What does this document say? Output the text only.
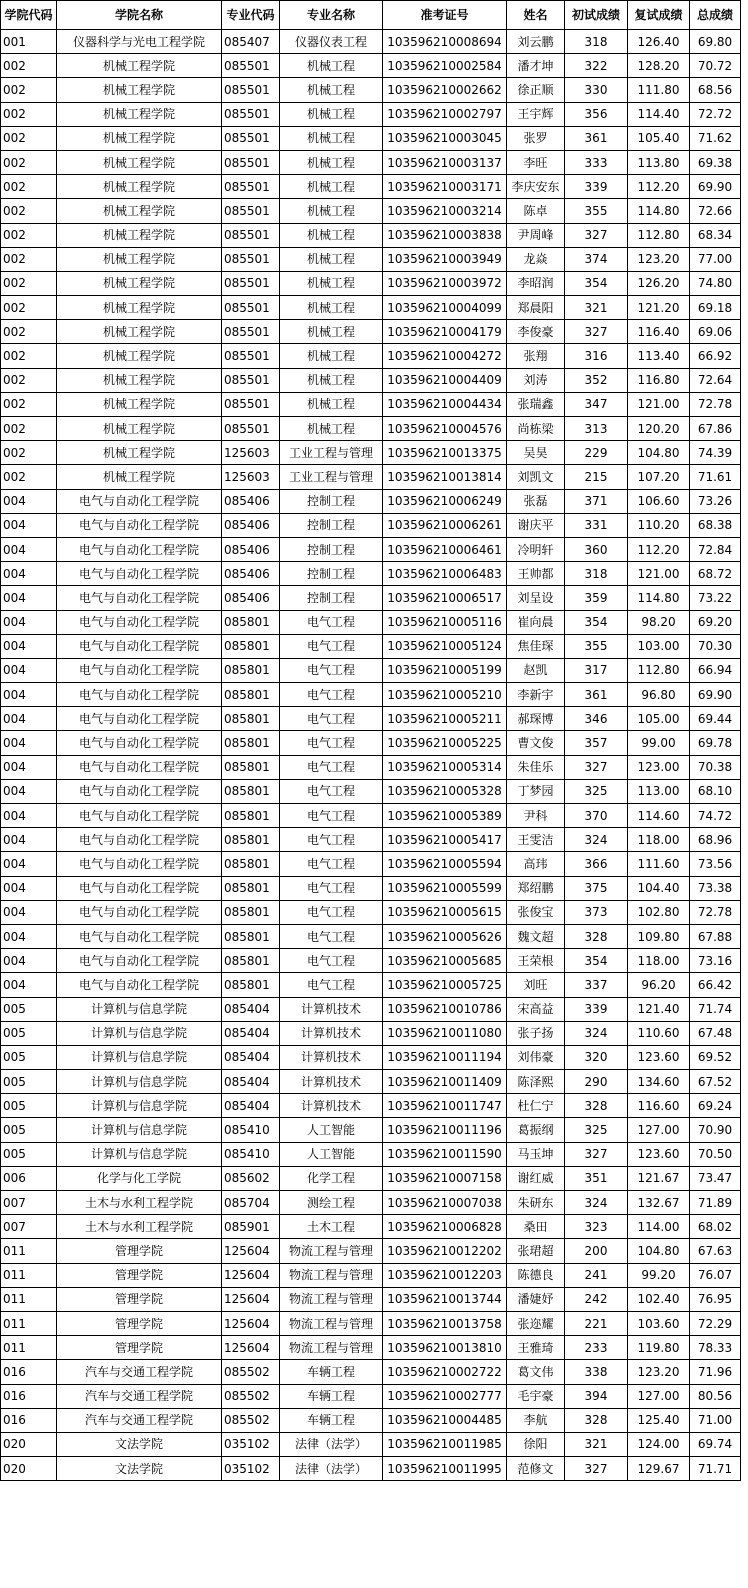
学院代码	学院名称	专业代码	专业名称	准考证号	姓名	初试成绩	复试成绩	总成绩
001	仪器科学与光电工程学院	085407	仪器仪表工程	103596210008694	刘云鹏	318	126.40	69.80
002	机械工程学院	085501	机械工程	103596210002584	潘才坤	322	128.20	70.72
002	机械工程学院	085501	机械工程	103596210002662	徐正顺	330	111.80	68.56
002	机械工程学院	085501	机械工程	103596210002797	王宇辉	356	114.40	72.72
002	机械工程学院	085501	机械工程	103596210003045	张罗	361	105.40	71.62
002	机械工程学院	085501	机械工程	103596210003137	李旺	333	113.80	69.38
002	机械工程学院	085501	机械工程	103596210003171	李庆安东	339	112.20	69.90
002	机械工程学院	085501	机械工程	103596210003214	陈卓	355	114.80	72.66
002	机械工程学院	085501	机械工程	103596210003838	尹周峰	327	112.80	68.34
002	机械工程学院	085501	机械工程	103596210003949	龙焱	374	123.20	77.00
002	机械工程学院	085501	机械工程	103596210003972	李昭润	354	126.20	74.80
002	机械工程学院	085501	机械工程	103596210004099	郑晨阳	321	121.20	69.18
002	机械工程学院	085501	机械工程	103596210004179	李俊豪	327	116.40	69.06
002	机械工程学院	085501	机械工程	103596210004272	张翔	316	113.40	66.92
002	机械工程学院	085501	机械工程	103596210004409	刘涛	352	116.80	72.64
002	机械工程学院	085501	机械工程	103596210004434	张瑞鑫	347	121.00	72.78
002	机械工程学院	085501	机械工程	103596210004576	尚栋梁	313	120.20	67.86
002	机械工程学院	125603	工业工程与管理	103596210013375	吴昊	229	104.80	74.39
002	机械工程学院	125603	工业工程与管理	103596210013814	刘凯文	215	107.20	71.61
004	电气与自动化工程学院	085406	控制工程	103596210006249	张磊	371	106.60	73.26
004	电气与自动化工程学院	085406	控制工程	103596210006261	谢庆平	331	110.20	68.38
004	电气与自动化工程学院	085406	控制工程	103596210006461	冷明轩	360	112.20	72.84
004	电气与自动化工程学院	085406	控制工程	103596210006483	王帅都	318	121.00	68.72
004	电气与自动化工程学院	085406	控制工程	103596210006517	刘呈设	359	114.80	73.22
004	电气与自动化工程学院	085801	电气工程	103596210005116	崔向晨	354	98.20	69.20
004	电气与自动化工程学院	085801	电气工程	103596210005124	焦佳琛	355	103.00	70.30
004	电气与自动化工程学院	085801	电气工程	103596210005199	赵凯	317	112.80	66.94
004	电气与自动化工程学院	085801	电气工程	103596210005210	李新宇	361	96.80	69.90
004	电气与自动化工程学院	085801	电气工程	103596210005211	郝琛博	346	105.00	69.44
004	电气与自动化工程学院	085801	电气工程	103596210005225	曹文俊	357	99.00	69.78
004	电气与自动化工程学院	085801	电气工程	103596210005314	朱佳乐	327	123.00	70.38
004	电气与自动化工程学院	085801	电气工程	103596210005328	丁梦园	325	113.00	68.10
004	电气与自动化工程学院	085801	电气工程	103596210005389	尹科	370	114.60	74.72
004	电气与自动化工程学院	085801	电气工程	103596210005417	王雯洁	324	118.00	68.96
004	电气与自动化工程学院	085801	电气工程	103596210005594	高玮	366	111.60	73.56
004	电气与自动化工程学院	085801	电气工程	103596210005599	郑绍鹏	375	104.40	73.38
004	电气与自动化工程学院	085801	电气工程	103596210005615	张俊宝	373	102.80	72.78
004	电气与自动化工程学院	085801	电气工程	103596210005626	魏文超	328	109.80	67.88
004	电气与自动化工程学院	085801	电气工程	103596210005685	王荣根	354	118.00	73.16
004	电气与自动化工程学院	085801	电气工程	103596210005725	刘旺	337	96.20	66.42
005	计算机与信息学院	085404	计算机技术	103596210010786	宋高益	339	121.40	71.74
005	计算机与信息学院	085404	计算机技术	103596210011080	张子扬	324	110.60	67.48
005	计算机与信息学院	085404	计算机技术	103596210011194	刘伟豪	320	123.60	69.52
005	计算机与信息学院	085404	计算机技术	103596210011409	陈泽熙	290	134.60	67.52
005	计算机与信息学院	085404	计算机技术	103596210011747	杜仁宁	328	116.60	69.24
005	计算机与信息学院	085410	人工智能	103596210011196	葛振纲	325	127.00	70.90
005	计算机与信息学院	085410	人工智能	103596210011590	马玉坤	327	123.60	70.50
006	化学与化工学院	085602	化学工程	103596210007158	谢红威	351	121.67	73.47
007	土木与水利工程学院	085704	测绘工程	103596210007038	朱研东	324	132.67	71.89
007	土木与水利工程学院	085901	土木工程	103596210006828	桑田	323	114.00	68.02
011	管理学院	125604	物流工程与管理	103596210012202	张珺超	200	104.80	67.63
011	管理学院	125604	物流工程与管理	103596210012203	陈德良	241	99.20	76.07
011	管理学院	125604	物流工程与管理	103596210013744	潘婕妤	242	102.40	76.95
011	管理学院	125604	物流工程与管理	103596210013758	张迩耀	221	103.60	72.29
011	管理学院	125604	物流工程与管理	103596210013810	王雅琦	233	119.80	78.33
016	汽车与交通工程学院	085502	车辆工程	103596210002722	葛文伟	338	123.20	71.96
016	汽车与交通工程学院	085502	车辆工程	103596210002777	毛宇豪	394	127.00	80.56
016	汽车与交通工程学院	085502	车辆工程	103596210004485	李航	328	125.40	71.00
020	文法学院	035102	法律（法学）	103596210011985	徐阳	321	124.00	69.74
020	文法学院	035102	法律（法学）	103596210011995	范修文	327	129.67	71.71
